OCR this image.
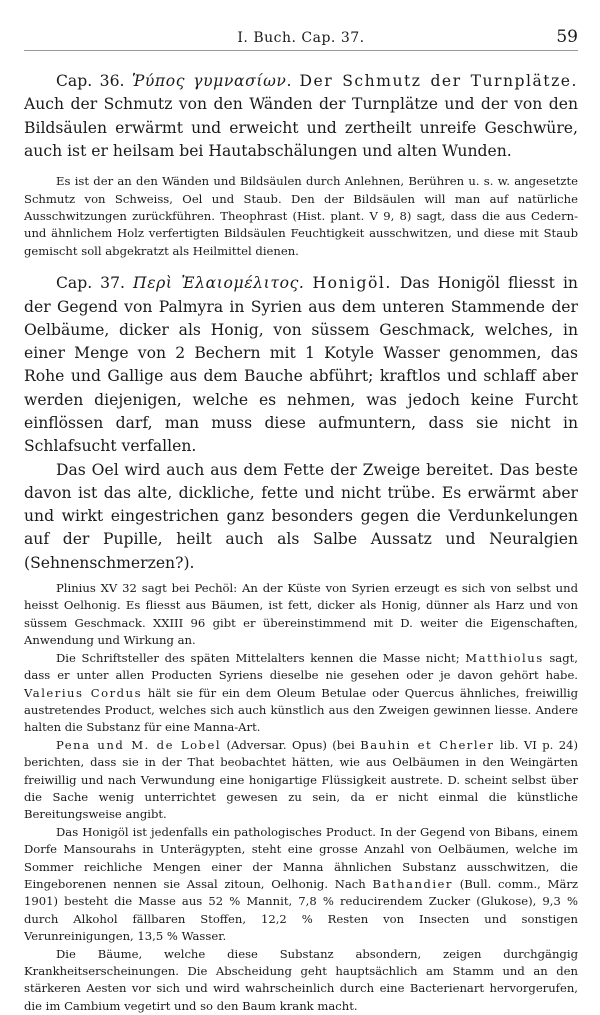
I. Buch. Cap. 37.	59

Cap. 36. Ῥύπος γυμνασίων. Der Schmutz der Turnplätze. Auch der Schmutz von den Wänden der Turnplätze und der von den Bildsäulen erwärmt und erweicht und zertheilt unreife Geschwüre, auch ist er heilsam bei Hautabschälungen und alten Wunden.

Es ist der an den Wänden und Bildsäulen durch Anlehnen, Berühren u. s. w. angesetzte Schmutz von Schweiss, Oel und Staub. Den der Bildsäulen will man auf natürliche Ausschwitzungen zurückführen. Theophrast (Hist. plant. V 9, 8) sagt, dass die aus Cedern- und ähnlichem Holz verfertigten Bildsäulen Feuchtigkeit ausschwitzen, und diese mit Staub gemischt soll abgekratzt als Heilmittel dienen.

Cap. 37. Περὶ Ἐλαιομέλιτος. Honigöl. Das Honigöl fliesst in der Gegend von Palmyra in Syrien aus dem unteren Stammende der Oelbäume, dicker als Honig, von süssem Geschmack, welches, in einer Menge von 2 Bechern mit 1 Kotyle Wasser genommen, das Rohe und Gallige aus dem Bauche abführt; kraftlos und schlaff aber werden diejenigen, welche es nehmen, was jedoch keine Furcht einflössen darf, man muss diese aufmuntern, dass sie nicht in Schlafsucht verfallen.

Das Oel wird auch aus dem Fette der Zweige bereitet. Das beste davon ist das alte, dickliche, fette und nicht trübe. Es erwärmt aber und wirkt eingestrichen ganz besonders gegen die Verdunkelungen auf der Pupille, heilt auch als Salbe Aussatz und Neuralgien (Sehnenschmerzen?).

Plinius XV 32 sagt bei Pechöl: An der Küste von Syrien erzeugt es sich von selbst und heisst Oelhonig. Es fliesst aus Bäumen, ist fett, dicker als Honig, dünner als Harz und von süssem Geschmack. XXIII 96 gibt er übereinstimmend mit D. weiter die Eigenschaften, Anwendung und Wirkung an.

Die Schriftsteller des späten Mittelalters kennen die Masse nicht; Matthiolus sagt, dass er unter allen Producten Syriens dieselbe nie gesehen oder je davon gehört habe. Valerius Cordus hält sie für ein dem Oleum Betulae oder Quercus ähnliches, freiwillig austretendes Product, welches sich auch künstlich aus den Zweigen gewinnen liesse. Andere halten die Substanz für eine Manna-Art.

Pena und M. de Lobel (Adversar. Opus) (bei Bauhin et Cherler lib. VI p. 24) berichten, dass sie in der That beobachtet hätten, wie aus Oelbäumen in den Weingärten freiwillig und nach Verwundung eine honigartige Flüssigkeit austrete. D. scheint selbst über die Sache wenig unterrichtet gewesen zu sein, da er nicht einmal die künstliche Bereitungsweise angibt.

Das Honigöl ist jedenfalls ein pathologisches Product. In der Gegend von Bibans, einem Dorfe Mansourahs in Unterägypten, steht eine grosse Anzahl von Oelbäumen, welche im Sommer reichliche Mengen einer der Manna ähnlichen Substanz ausschwitzen, die Eingeborenen nennen sie Assal zitoun, Oelhonig. Nach Bathandier (Bull. comm., März 1901) besteht die Masse aus 52 % Mannit, 7,8 % reducirendem Zucker (Glukose), 9,3 % durch Alkohol fällbaren Stoffen, 12,2 % Resten von Insecten und sonstigen Verunreinigungen, 13,5 % Wasser.

Die Bäume, welche diese Substanz absondern, zeigen durchgängig Krankheitserscheinungen. Die Abscheidung geht hauptsächlich am Stamm und an den stärkeren Aesten vor sich und wird wahrscheinlich durch eine Bacterienart hervorgerufen, die im Cambium vegetirt und so den Baum krank macht.
